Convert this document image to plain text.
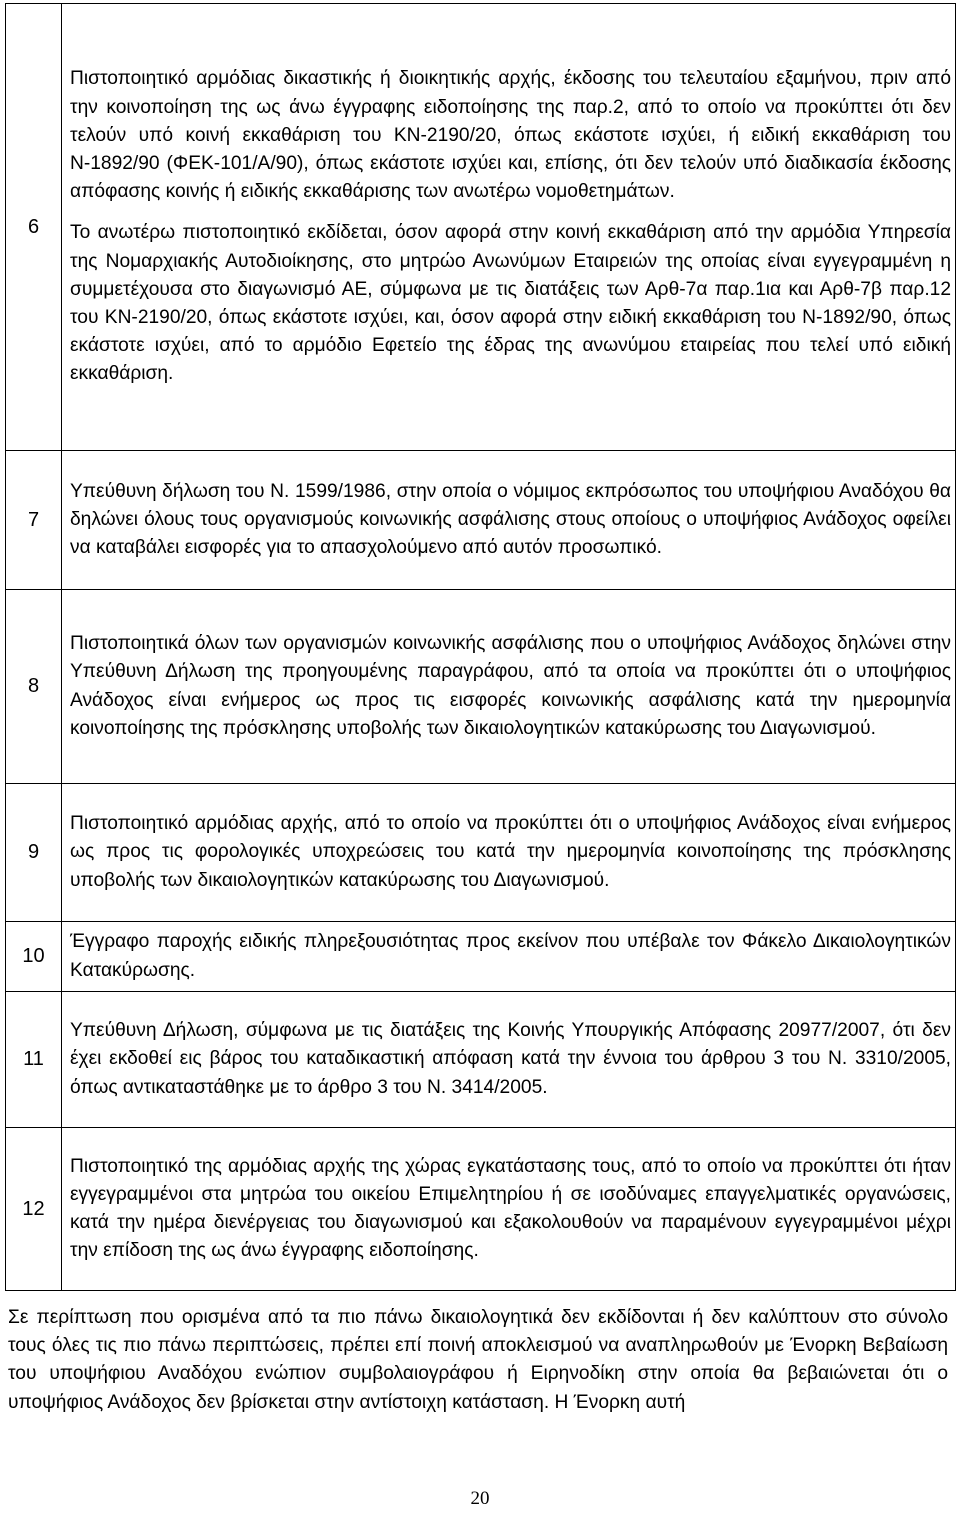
6	Πιστοποιητικό αρμόδιας δικαστικής ή διοικητικής αρχής, έκδοσης του τελευταίου εξαμήνου, πριν από την κοινοποίηση της ως άνω έγγραφης ειδοποίησης της παρ.2, από το οποίο να προκύπτει ότι δεν τελούν υπό κοινή εκκαθάριση του ΚΝ-2190/20, όπως εκάστοτε ισχύει, ή ειδική εκκαθάριση του Ν-1892/90 (ΦΕΚ-101/Α/90), όπως εκάστοτε ισχύει και, επίσης, ότι δεν τελούν υπό διαδικασία έκδοσης απόφασης κοινής ή ειδικής εκκαθάρισης των ανωτέρω νομοθετημάτων.

Το ανωτέρω πιστοποιητικό εκδίδεται, όσον αφορά στην κοινή εκκαθάριση από την αρμόδια Υπηρεσία της Νομαρχιακής Αυτοδιοίκησης, στο μητρώο Ανωνύμων Εταιρειών της οποίας είναι εγγεγραμμένη η συμμετέχουσα στο διαγωνισμό ΑΕ, σύμφωνα με τις διατάξεις των Αρθ-7α παρ.1ια και Αρθ-7β παρ.12 του ΚΝ-2190/20, όπως εκάστοτε ισχύει, και, όσον αφορά στην ειδική εκκαθάριση του Ν-1892/90, όπως εκάστοτε ισχύει, από το αρμόδιο Εφετείο της έδρας της ανωνύμου εταιρείας που τελεί υπό ειδική εκκαθάριση.

7	Υπεύθυνη δήλωση του Ν. 1599/1986, στην οποία ο νόμιμος εκπρόσωπος του υποψήφιου Αναδόχου θα δηλώνει όλους τους οργανισμούς κοινωνικής ασφάλισης στους οποίους ο υποψήφιος Ανάδοχος οφείλει να καταβάλει εισφορές για το απασχολούμενο από αυτόν προσωπικό.

8	Πιστοποιητικά όλων των οργανισμών κοινωνικής ασφάλισης που ο υποψήφιος Ανάδοχος δηλώνει στην Υπεύθυνη Δήλωση της προηγουμένης παραγράφου, από τα οποία να προκύπτει ότι ο υποψήφιος Ανάδοχος είναι ενήμερος ως προς τις εισφορές κοινωνικής ασφάλισης κατά την ημερομηνία κοινοποίησης της πρόσκλησης υποβολής των δικαιολογητικών κατακύρωσης του Διαγωνισμού.

9	Πιστοποιητικό αρμόδιας αρχής, από το οποίο να προκύπτει ότι ο υποψήφιος Ανάδοχος είναι ενήμερος ως προς τις φορολογικές υποχρεώσεις του κατά την ημερομηνία κοινοποίησης της πρόσκλησης υποβολής των δικαιολογητικών κατακύρωσης του Διαγωνισμού.

10	Έγγραφο παροχής ειδικής πληρεξουσιότητας προς εκείνον που υπέβαλε τον Φάκελο Δικαιολογητικών Κατακύρωσης.

11	Υπεύθυνη Δήλωση, σύμφωνα με τις διατάξεις της Κοινής Υπουργικής Απόφασης 20977/2007, ότι δεν έχει εκδοθεί εις βάρος του καταδικαστική απόφαση κατά την έννοια του άρθρου 3 του Ν. 3310/2005, όπως αντικαταστάθηκε με το άρθρο 3 του Ν. 3414/2005.

12	Πιστοποιητικό της αρμόδιας αρχής της χώρας εγκατάστασης τους, από το οποίο να προκύπτει ότι ήταν εγγεγραμμένοι στα μητρώα του οικείου Επιμελητηρίου ή σε ισοδύναμες επαγγελματικές οργανώσεις, κατά την ημέρα διενέργειας του διαγωνισμού και εξακολουθούν να παραμένουν εγγεγραμμένοι μέχρι την επίδοση της ως άνω έγγραφης ειδοποίησης.

Σε περίπτωση που ορισμένα από τα πιο πάνω δικαιολογητικά δεν εκδίδονται ή δεν καλύπτουν στο σύνολο τους όλες τις πιο πάνω περιπτώσεις, πρέπει επί ποινή αποκλεισμού να αναπληρωθούν με Ένορκη Βεβαίωση του υποψήφιου Αναδόχου ενώπιον συμβολαιογράφου ή Ειρηνοδίκη στην οποία θα βεβαιώνεται ότι ο υποψήφιος Ανάδοχος δεν βρίσκεται στην αντίστοιχη κατάσταση. Η Ένορκη αυτή

20
